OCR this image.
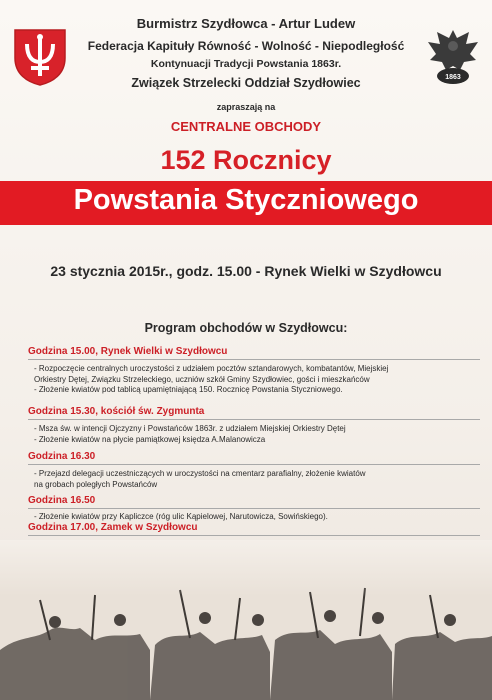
1863
Burmistrz Szydłowca - Artur Ludew
Federacja Kapituły Równość - Wolność - Niepodległość
Kontynuacji Tradycji Powstania 1863r.
Związek Strzelecki Oddział Szydłowiec
zapraszają na
CENTRALNE OBCHODY
152 Rocznicy
Powstania Styczniowego
23 stycznia 2015r., godz. 15.00 - Rynek Wielki w Szydłowcu
Program obchodów w Szydłowcu:
Godzina 15.00, Rynek Wielki w Szydłowcu
- Rozpoczęcie centralnych uroczystości z udziałem pocztów sztandarowych, kombatantów, Miejskiej
Orkiestry Dętej, Związku Strzeleckiego, uczniów szkół Gminy Szydłowiec, gości i mieszkańców
- Złożenie kwiatów pod tablicą upamiętniającą 150. Rocznicę Powstania Styczniowego.
Godzina 15.30, kościół św. Zygmunta
- Msza św. w intencji Ojczyzny i Powstańców 1863r. z udziałem Miejskiej Orkiestry Dętej
- Złożenie kwiatów na płycie pamiątkowej księdza A.Malanowicza
Godzina 16.30
- Przejazd delegacji uczestniczących w uroczystości na cmentarz parafialny, złożenie kwiatów
na grobach poległych Powstańców
Godzina 16.50
- Złożenie kwiatów przy Kapliczce (róg ulic Kąpielowej, Narutowicza, Sowińskiego).
Godzina 17.00, Zamek w Szydłowcu
